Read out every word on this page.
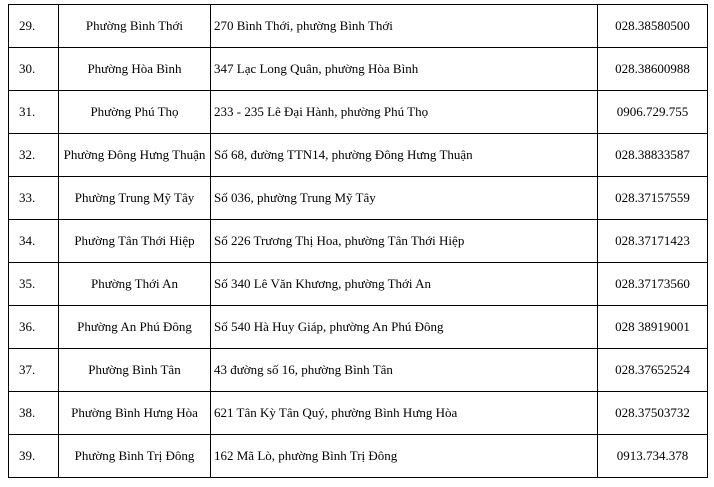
29.	Phường Bình Thới	270 Bình Thới, phường Bình Thới	028.38580500
30.	Phường Hòa Bình	347 Lạc Long Quân, phường Hòa Bình	028.38600988
31.	Phường Phú Thọ	233 - 235 Lê Đại Hành, phường Phú Thọ	0906.729.755
32.	Phường Đông Hưng Thuận	Số 68, đường TTN14, phường Đông Hưng Thuận	028.38833587
33.	Phường Trung Mỹ Tây	Số 036, phường Trung Mỹ Tây	028.37157559
34.	Phường Tân Thới Hiệp	Số 226 Trương Thị Hoa, phường Tân Thới Hiệp	028.37171423
35.	Phường Thới An	Số 340 Lê Văn Khương, phường Thới An	028.37173560
36.	Phường An Phú Đông	Số 540 Hà Huy Giáp, phường An Phú Đông	028 38919001
37.	Phường Bình Tân	43 đường số 16, phường Bình Tân	028.37652524
38.	Phường Bình Hưng Hòa	621 Tân Kỳ Tân Quý, phường Bình Hưng Hòa	028.37503732
39.	Phường Bình Trị Đông	162 Mã Lò, phường Bình Trị Đông	0913.734.378
